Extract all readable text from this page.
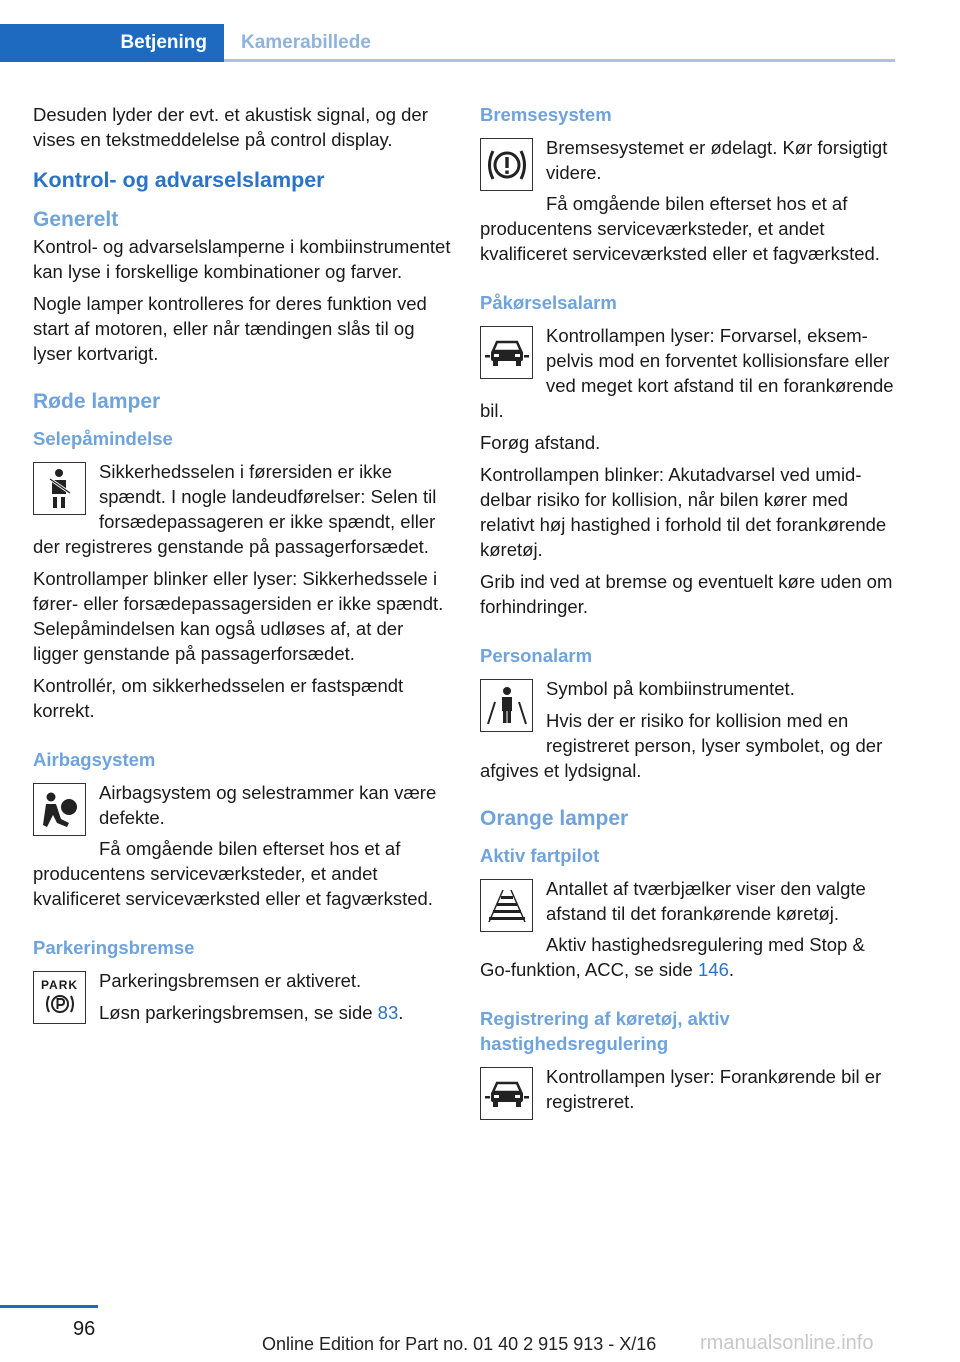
Betjening Kamerabillede

Desuden lyder der evt. et akustisk signal, og der vises en tekstmeddelelse på control display.

Kontrol- og advarselslamper
Generelt

Kontrol- og advarselslamperne i kombiinstrumentet kan lyse i forskellige kombinationer og farver.

Nogle lamper kontrolleres for deres funktion ved start af motoren, eller når tændingen slås til og lyser kortvarigt.

Røde lamper
Selepåmindelse

Sikkerhedsselen i førersiden er ikke spændt. I nogle landeudførelser: Selen til forsædepassageren er ikke spændt, eller der registreres genstande på passagerforsædet.

Kontrollamper blinker eller lyser: Sikkerhedssele i fører- eller forsædepassagersiden er ikke spændt. Selepåmindelsen kan også udløses af, at der ligger genstande på passagerforsædet.

Kontrollér, om sikkerhedsselen er fastspændt korrekt.

Airbagsystem

Airbagsystem og selestrammer kan være defekte.

Få omgående bilen efterset hos et af producentens serviceværksteder, et andet kvalificeret serviceværksted eller et fagværksted.

Parkeringsbremse
PARK	Parkeringsbremsen er aktiveret.

Løsn parkeringsbremsen, se side 83.

Bremsesystem

Bremsesystemet er ødelagt. Kør forsigtigt videre.

Få omgående bilen efterset hos et af producentens serviceværksteder, et andet kvalificeret serviceværksted eller et fagværksted.

Påkørselsalarm

Kontrollampen lyser: Forvarsel, eksempelvis mod en forventet kollisionsfare eller ved meget kort afstand til en forankørende bil.

Forøg afstand.

Kontrollampen blinker: Akutadvarsel ved umiddelbar risiko for kollision, når bilen kører med relativt høj hastighed i forhold til det forankørende køretøj.

Grib ind ved at bremse og eventuelt køre uden om forhindringer.

Personalarm

Symbol på kombiinstrumentet.

Hvis der er risiko for kollision med en registreret person, lyser symbolet, og der afgives et lydsignal.

Orange lamper
Aktiv fartpilot

Antallet af tværbjælker viser den valgte afstand til det forankørende køretøj.

Aktiv hastighedsregulering med Stop & Go-funktion, ACC, se side 146.

Registrering af køretøj, aktiv hastighedsregulering

Kontrollampen lyser: Forankørende bil er registreret.

96
Online Edition for Part no. 01 40 2 915 913 - X/16 rmanualsonline.info
